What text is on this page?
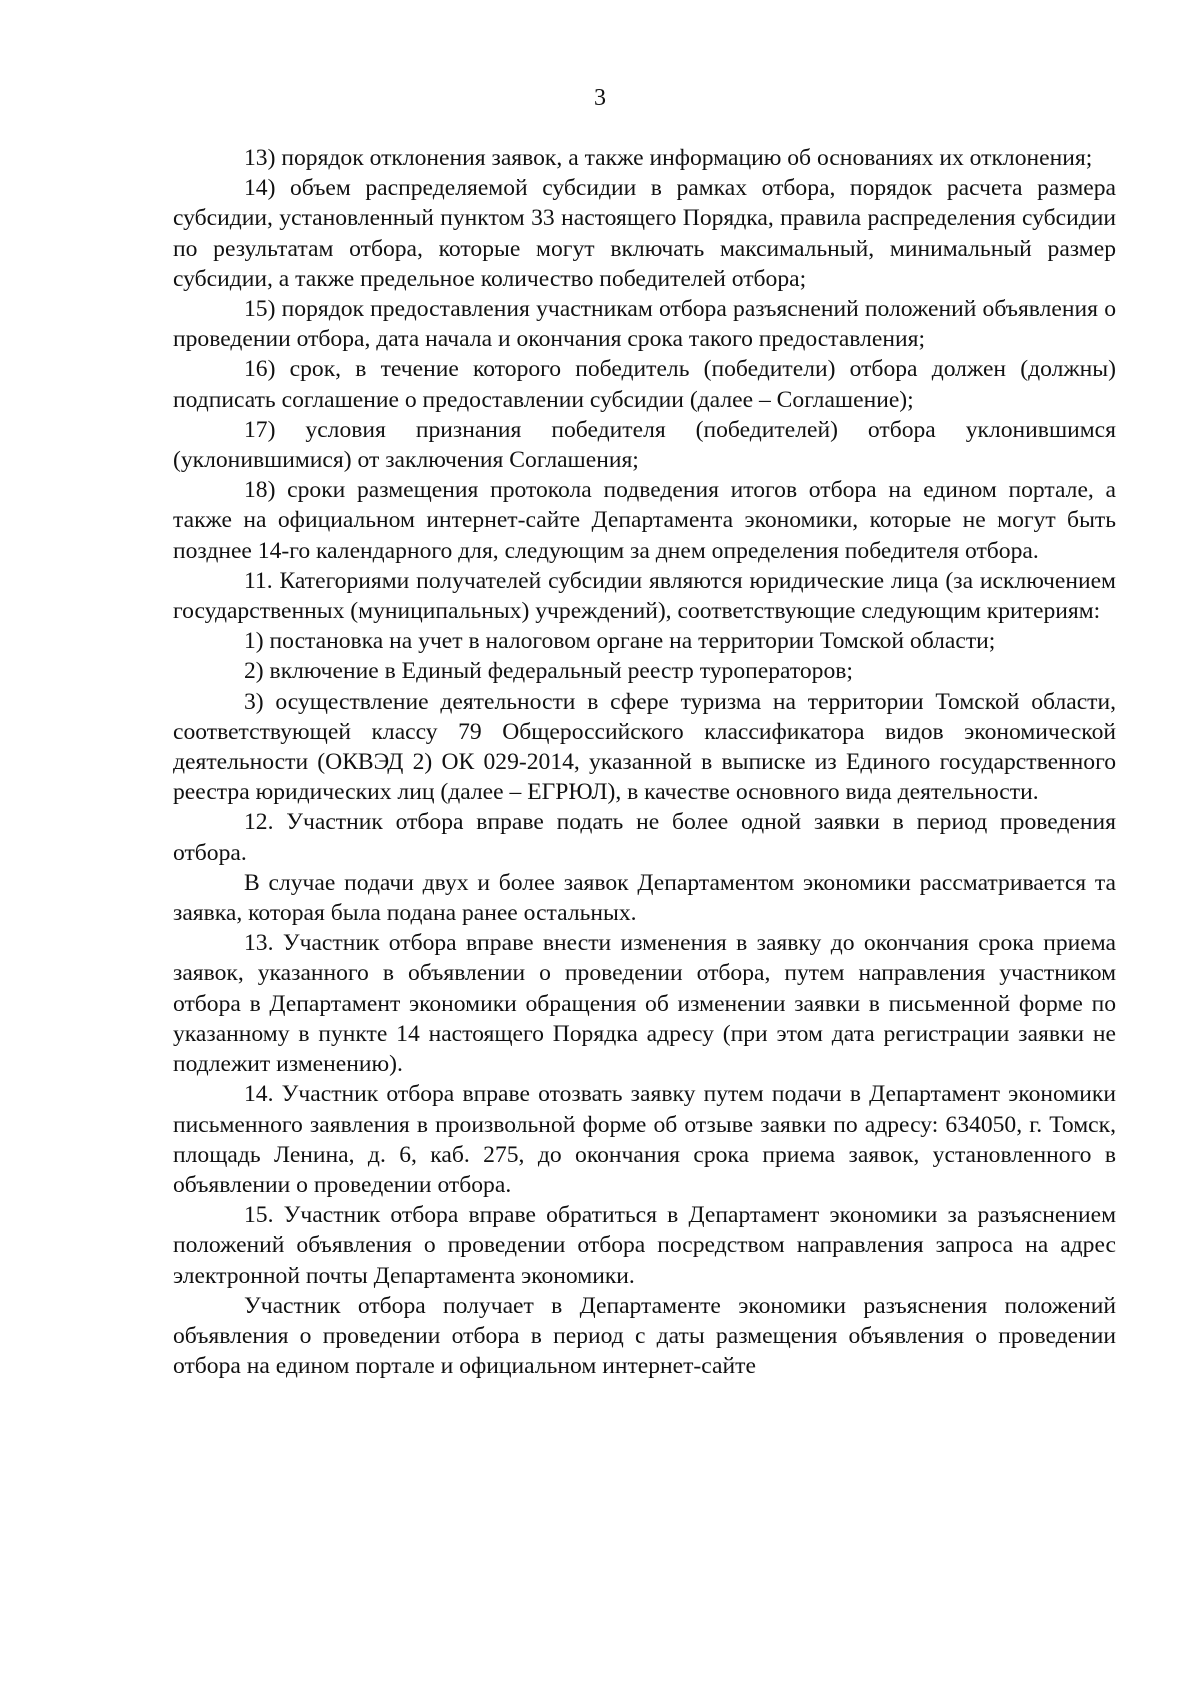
3

13) порядок отклонения заявок, а также информацию об основаниях их отклонения;

14) объем распределяемой субсидии в рамках отбора, порядок расчета размера субсидии, установленный пунктом 33 настоящего Порядка, правила распределения субсидии по результатам отбора, которые могут включать максимальный, минимальный размер субсидии, а также предельное количество победителей отбора;

15) порядок предоставления участникам отбора разъяснений положений объявления о проведении отбора, дата начала и окончания срока такого предоставления;

16) срок, в течение которого победитель (победители) отбора должен (должны) подписать соглашение о предоставлении субсидии (далее – Соглашение);

17) условия признания победителя (победителей) отбора уклонившимся (уклонившимися) от заключения Соглашения;

18) сроки размещения протокола подведения итогов отбора на едином портале, а также на официальном интернет-сайте Департамента экономики, которые не могут быть позднее 14-го календарного для, следующим за днем определения победителя отбора.

11. Категориями получателей субсидии являются юридические лица (за исключением государственных (муниципальных) учреждений), соответствующие следующим критериям:

1) постановка на учет в налоговом органе на территории Томской области;

2) включение в Единый федеральный реестр туроператоров;

3) осуществление деятельности в сфере туризма на территории Томской области, соответствующей классу 79 Общероссийского классификатора видов экономической деятельности (ОКВЭД 2) ОК 029-2014, указанной в выписке из Единого государственного реестра юридических лиц (далее – ЕГРЮЛ), в качестве основного вида деятельности.

12. Участник отбора вправе подать не более одной заявки в период проведения отбора.

В случае подачи двух и более заявок Департаментом экономики рассматривается та заявка, которая была подана ранее остальных.

13. Участник отбора вправе внести изменения в заявку до окончания срока приема заявок, указанного в объявлении о проведении отбора, путем направления участником отбора в Департамент экономики обращения об изменении заявки в письменной форме по указанному в пункте 14 настоящего Порядка адресу (при этом дата регистрации заявки не подлежит изменению).

14. Участник отбора вправе отозвать заявку путем подачи в Департамент экономики письменного заявления в произвольной форме об отзыве заявки по адресу: 634050, г. Томск, площадь Ленина, д. 6, каб. 275, до окончания срока приема заявок, установленного в объявлении о проведении отбора.

15. Участник отбора вправе обратиться в Департамент экономики за разъяснением положений объявления о проведении отбора посредством направления запроса на адрес электронной почты Департамента экономики.

Участник отбора получает в Департаменте экономики разъяснения положений объявления о проведении отбора в период с даты размещения объявления о проведении отбора на едином портале и официальном интернет-сайте
